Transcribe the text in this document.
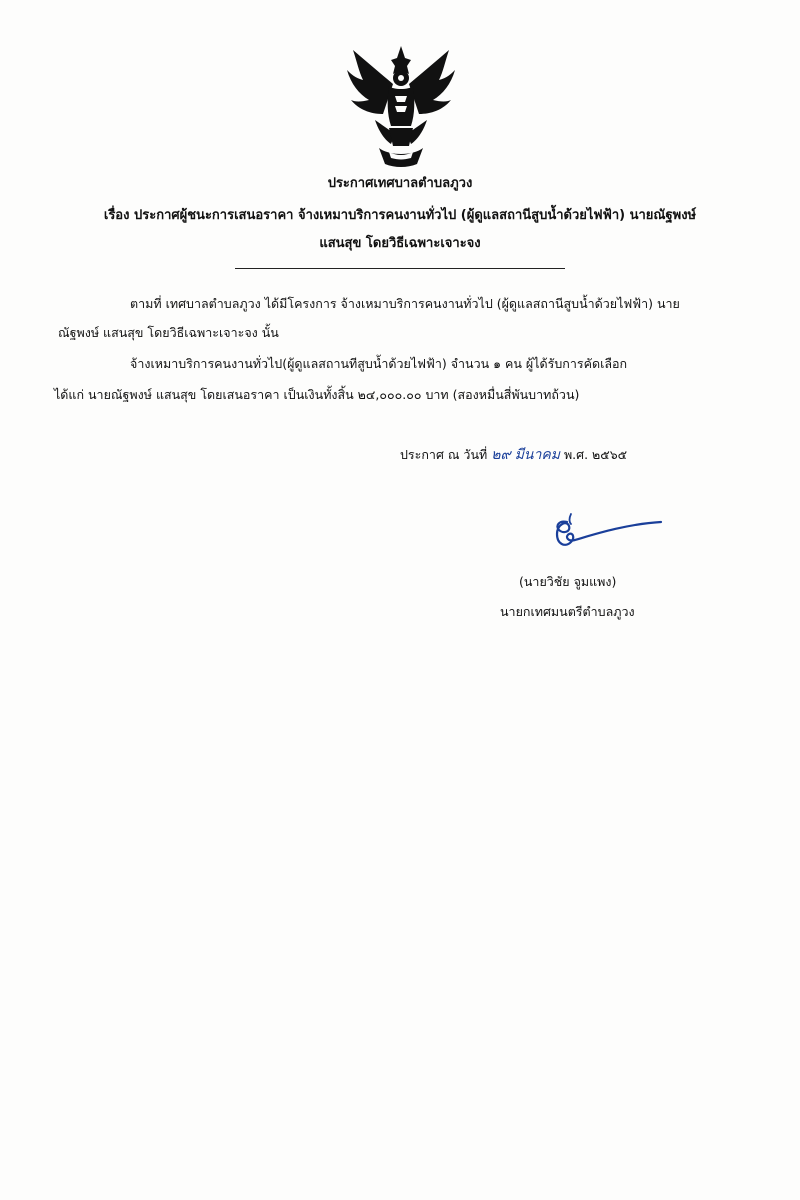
ประกาศเทศบาลตำบลภูวง
เรื่อง ประกาศผู้ชนะการเสนอราคา จ้างเหมาบริการคนงานทั่วไป (ผู้ดูแลสถานีสูบน้ำด้วยไฟฟ้า) นายณัฐพงษ์
แสนสุข โดยวิธีเฉพาะเจาะจง
ตามที่ เทศบาลตำบลภูวง ได้มีโครงการ จ้างเหมาบริการคนงานทั่วไป (ผู้ดูแลสถานีสูบน้ำด้วยไฟฟ้า) นาย
ณัฐพงษ์ แสนสุข โดยวิธีเฉพาะเจาะจง นั้น
จ้างเหมาบริการคนงานทั่วไป(ผู้ดูแลสถานทีสูบน้ำด้วยไฟฟ้า) จำนวน ๑ คน ผู้ได้รับการคัดเลือก
ได้แก่ นายณัฐพงษ์ แสนสุข โดยเสนอราคา เป็นเงินทั้งสิ้น ๒๔,๐๐๐.๐๐ บาท (สองหมื่นสี่พันบาทถ้วน)
ประกาศ ณ วันที่ ๒๙ มีนาคม พ.ศ. ๒๕๖๕
(นายวิชัย จูมแพง)
นายกเทศมนตรีตำบลภูวง
